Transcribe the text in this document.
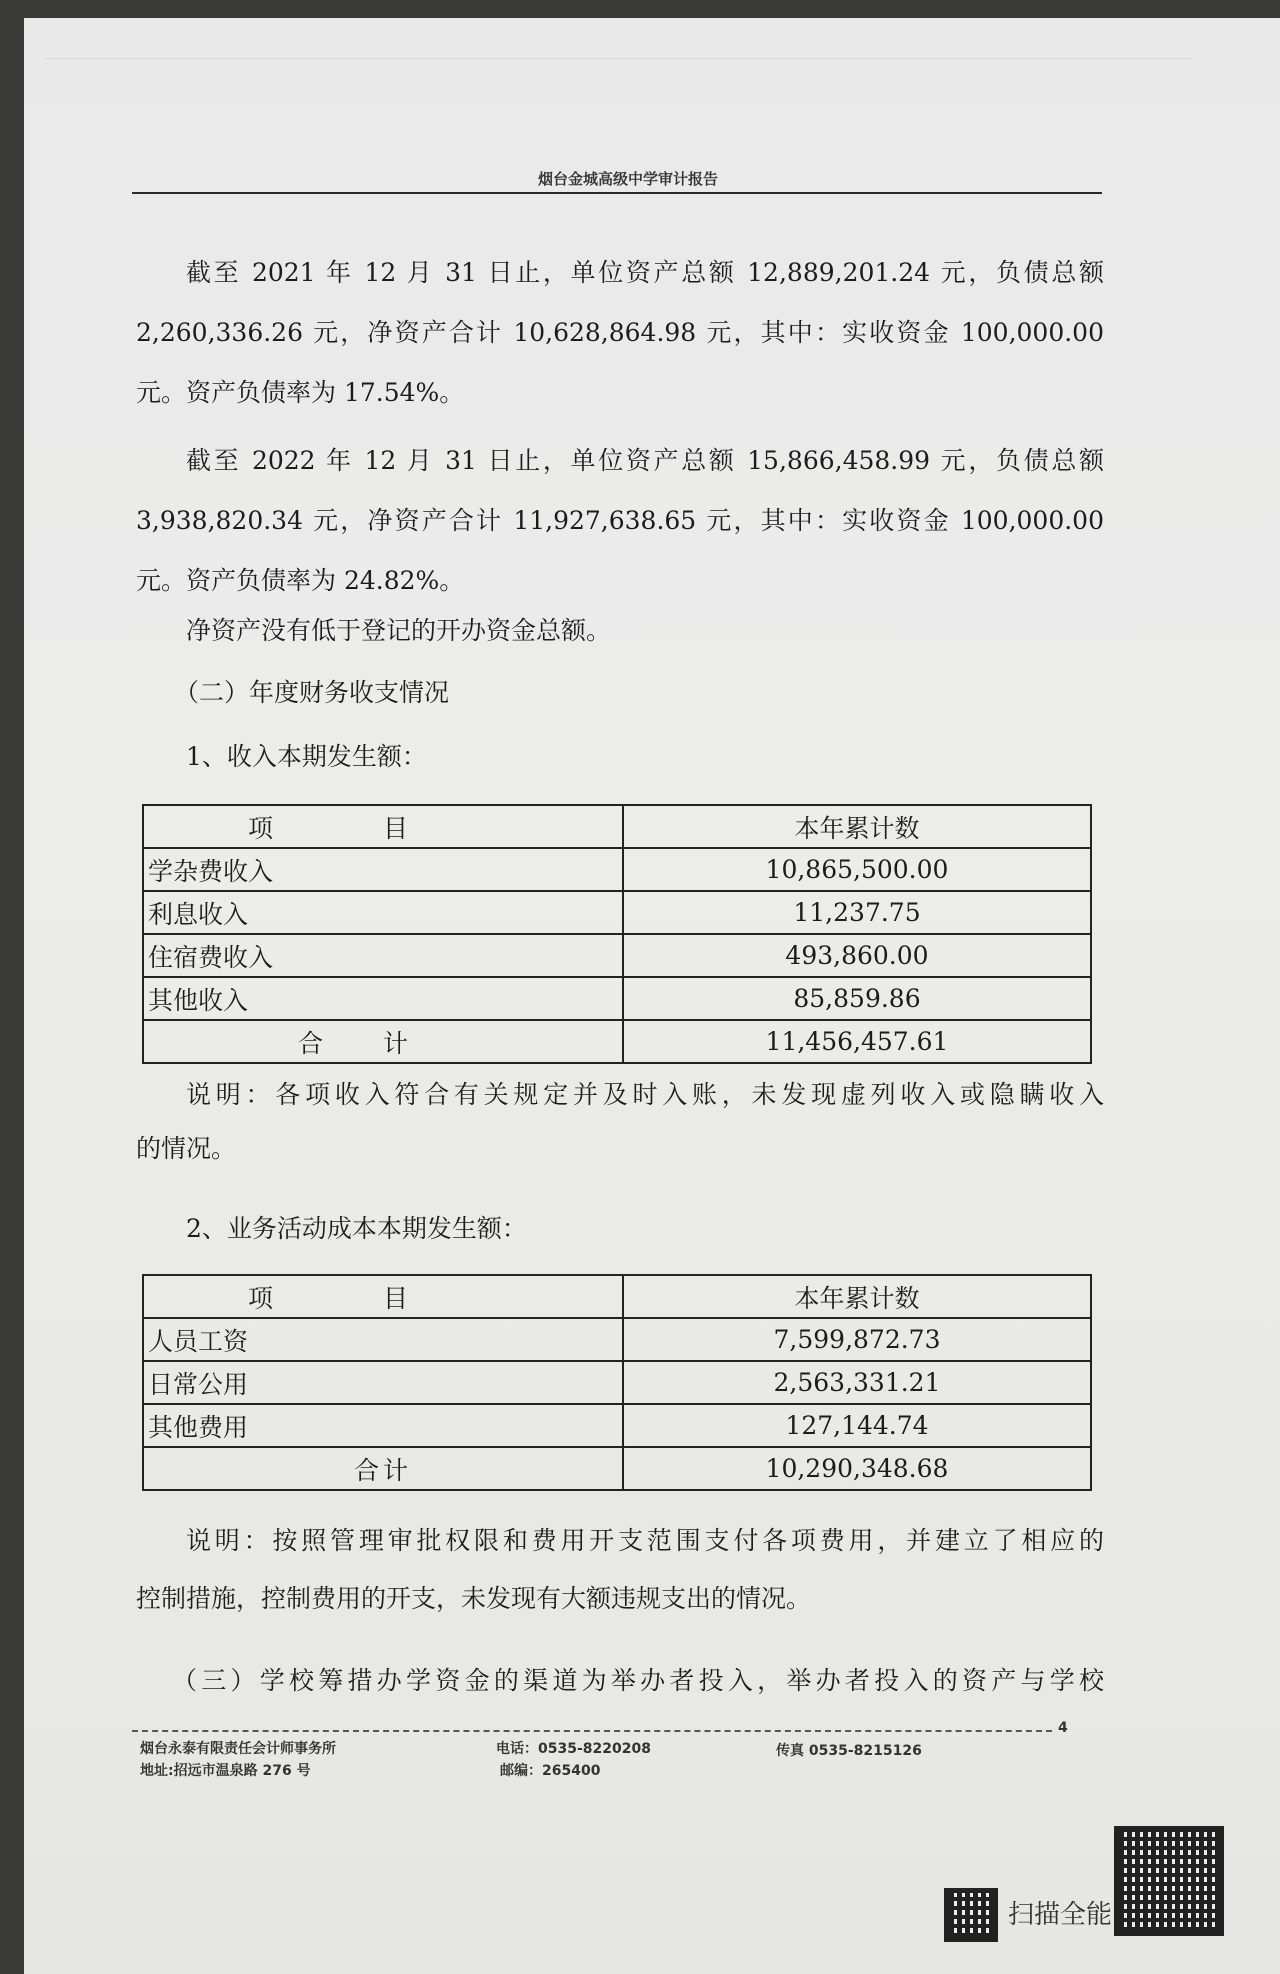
烟台金城高级中学审计报告
截至 2021 年 12 月 31 日止，单位资产总额 12,889,201.24 元，负债总额
2,260,336.26 元，净资产合计 10,628,864.98 元，其中：实收资金 100,000.00
元。资产负债率为 17.54%。
截至 2022 年 12 月 31 日止，单位资产总额 15,866,458.99 元，负债总额
3,938,820.34 元，净资产合计 11,927,638.65 元，其中：实收资金 100,000.00
元。资产负债率为 24.82%。
净资产没有低于登记的开办资金总额。
（二）年度财务收支情况
1、收入本期发生额：
项目	本年累计数
学杂费收入	10,865,500.00
利息收入	11,237.75
住宿费收入	493,860.00
其他收入	85,859.86
合计	11,456,457.61
说明：各项收入符合有关规定并及时入账，未发现虚列收入或隐瞒收入
的情况。
2、业务活动成本本期发生额：
项目	本年累计数
人员工资	7,599,872.73
日常公用	2,563,331.21
其他费用	127,144.74
合计	10,290,348.68
说明：按照管理审批权限和费用开支范围支付各项费用，并建立了相应的
控制措施，控制费用的开支，未发现有大额违规支出的情况。
（三）学校筹措办学资金的渠道为举办者投入，举办者投入的资产与学校
4
烟台永泰有限责任会计师事务所
地址:招远市温泉路 276 号
电话：0535-8220208
邮编：265400
传真 0535-8215126
扫描全能
